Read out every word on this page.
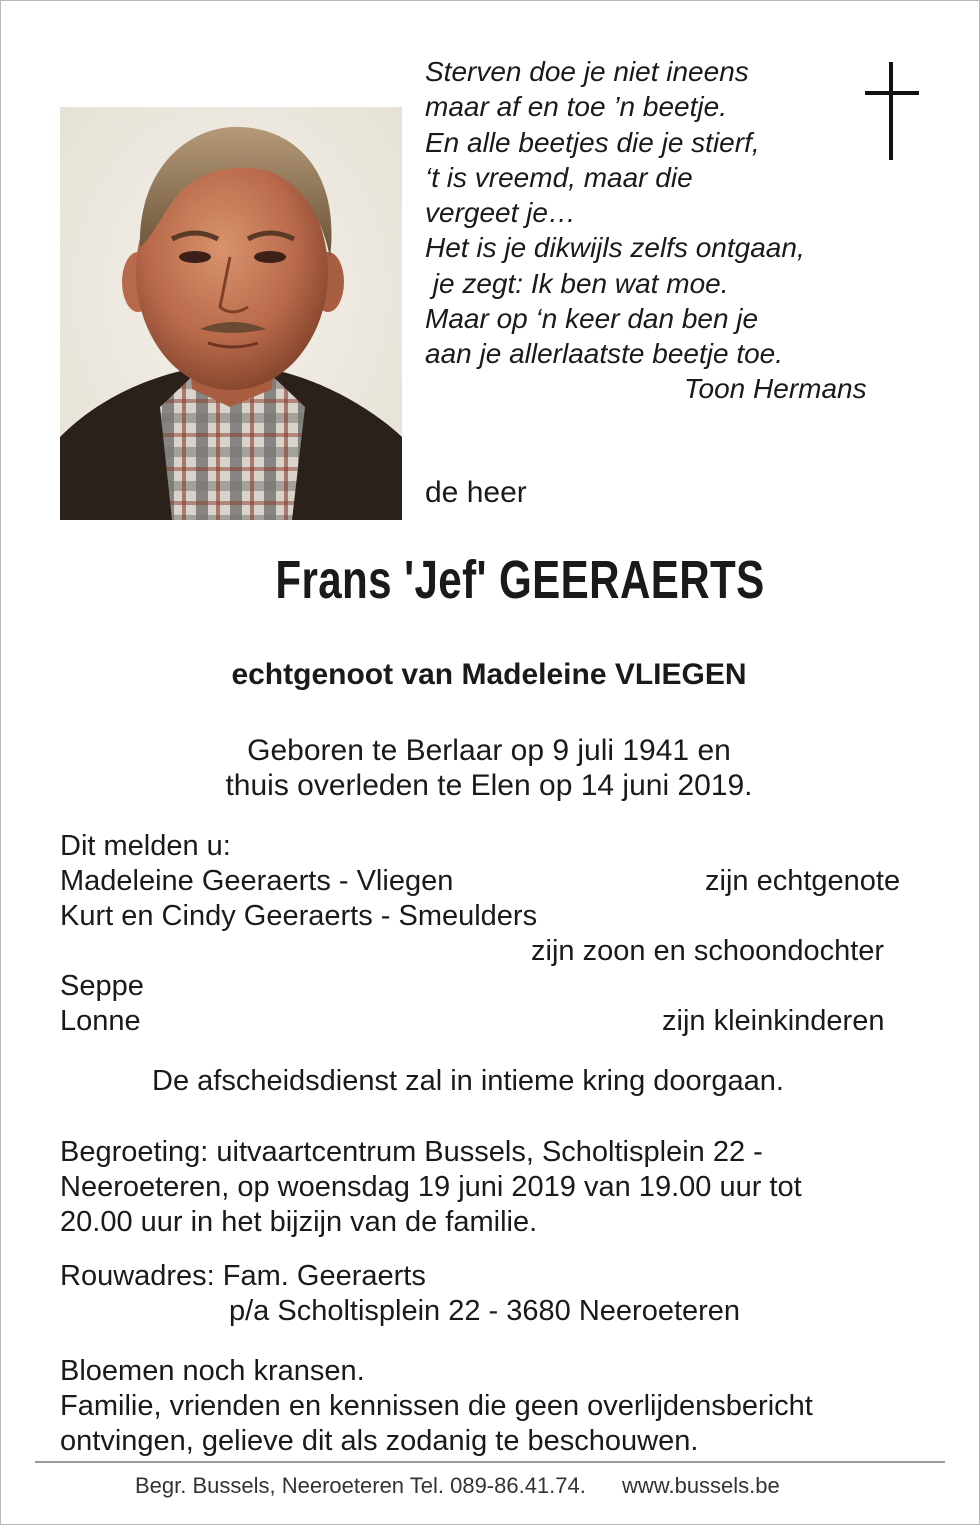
Sterven doe je niet ineens
maar af en toe ’n beetje.
En alle beetjes die je stierf,
‘t is vreemd, maar die
vergeet je…
Het is je dikwijls zelfs ontgaan,
je zegt: Ik ben wat moe.
Maar op ‘n keer dan ben je
aan je allerlaatste beetje toe.
Toon Hermans
de heer
Frans 'Jef' GEERAERTS
echtgenoot van Madeleine VLIEGEN
Geboren te Berlaar op 9 juli 1941 en
thuis overleden te Elen op 14 juni 2019.
Dit melden u:
Madeleine Geeraerts - Vliegen	zijn echtgenote
Kurt en Cindy Geeraerts - Smeulders
zijn zoon en schoondochter
Seppe
Lonne	zijn kleinkinderen
De afscheidsdienst zal in intieme kring doorgaan.
Begroeting: uitvaartcentrum Bussels, Scholtisplein 22 -
Neeroeteren, op woensdag 19 juni 2019 van 19.00 uur tot
20.00 uur in het bijzijn van de familie.
Rouwadres: Fam. Geeraerts
p/a Scholtisplein 22 - 3680 Neeroeteren
Bloemen noch kransen.
Familie, vrienden en kennissen die geen overlijdensbericht
ontvingen, gelieve dit als zodanig te beschouwen.
Begr. Bussels, Neeroeteren Tel. 089-86.41.74. www.bussels.be
